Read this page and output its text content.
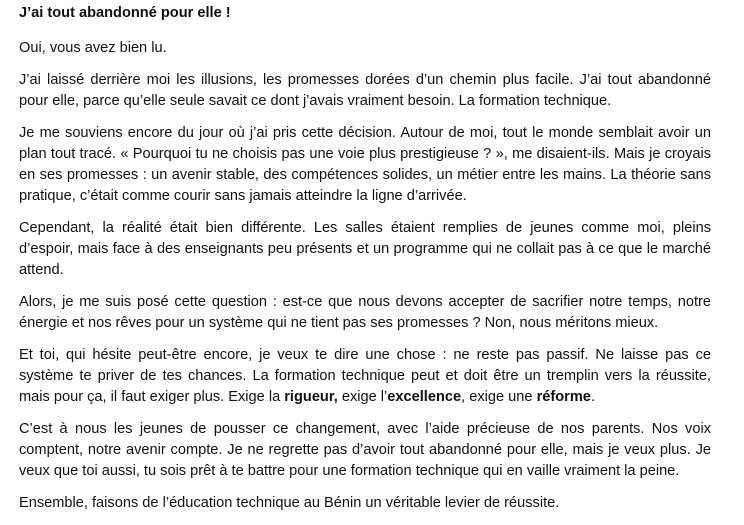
J’ai tout abandonné pour elle !

Oui, vous avez bien lu.

J’ai laissé derrière moi les illusions, les promesses dorées d’un chemin plus facile. J’ai tout abandonné pour elle, parce qu’elle seule savait ce dont j’avais vraiment besoin. La formation technique.

Je me souviens encore du jour où j’ai pris cette décision. Autour de moi, tout le monde semblait avoir un plan tout tracé. « Pourquoi tu ne choisis pas une voie plus prestigieuse ? », me disaient-ils. Mais je croyais en ses promesses : un avenir stable, des compétences solides, un métier entre les mains. La théorie sans pratique, c’était comme courir sans jamais atteindre la ligne d’arrivée.

Cependant, la réalité était bien différente. Les salles étaient remplies de jeunes comme moi, pleins d’espoir, mais face à des enseignants peu présents et un programme qui ne collait pas à ce que le marché attend.

Alors, je me suis posé cette question : est-ce que nous devons accepter de sacrifier notre temps, notre énergie et nos rêves pour un système qui ne tient pas ses promesses ? Non, nous méritons mieux.

Et toi, qui hésite peut-être encore, je veux te dire une chose : ne reste pas passif. Ne laisse pas ce système te priver de tes chances. La formation technique peut et doit être un tremplin vers la réussite, mais pour ça, il faut exiger plus. Exige la rigueur, exige l’excellence, exige une réforme.

C’est à nous les jeunes de pousser ce changement, avec l’aide précieuse de nos parents. Nos voix comptent, notre avenir compte. Je ne regrette pas d’avoir tout abandonné pour elle, mais je veux plus. Je veux que toi aussi, tu sois prêt à te battre pour une formation technique qui en vaille vraiment la peine.

Ensemble, faisons de l’éducation technique au Bénin un véritable levier de réussite.
